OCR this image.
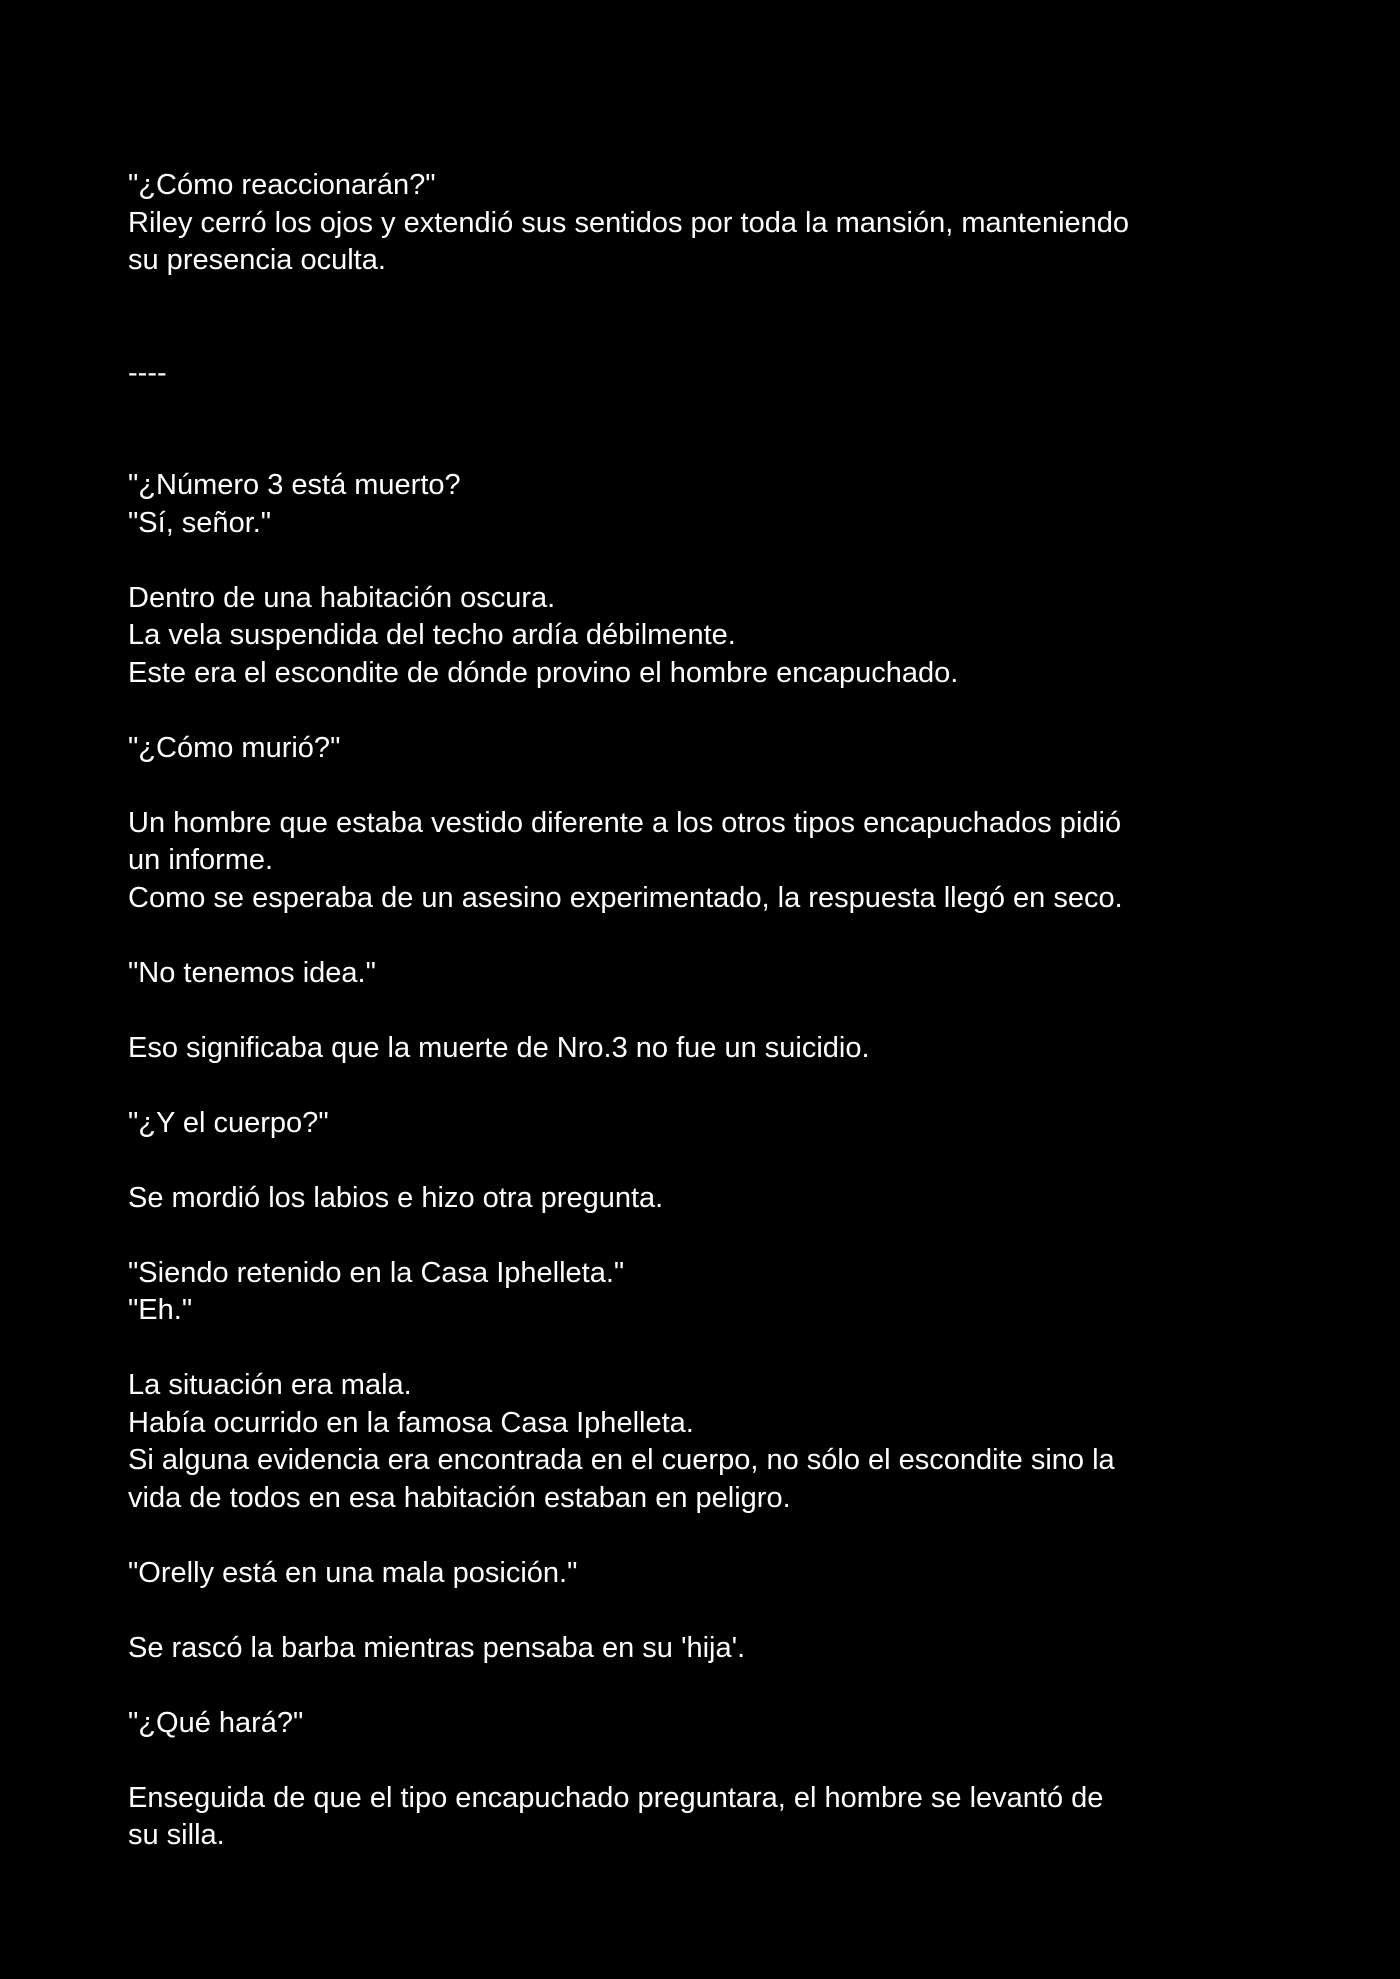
"¿Cómo reaccionarán?"
Riley cerró los ojos y extendió sus sentidos por toda la mansión, manteniendo
su presencia oculta.

----

"¿Número 3 está muerto?
"Sí, señor."

Dentro de una habitación oscura.
La vela suspendida del techo ardía débilmente.
Este era el escondite de dónde provino el hombre encapuchado.

"¿Cómo murió?"

Un hombre que estaba vestido diferente a los otros tipos encapuchados pidió
un informe.
Como se esperaba de un asesino experimentado, la respuesta llegó en seco.

"No tenemos idea."

Eso significaba que la muerte de Nro.3 no fue un suicidio.

"¿Y el cuerpo?"

Se mordió los labios e hizo otra pregunta.

"Siendo retenido en la Casa Iphelleta."
"Eh."

La situación era mala.
Había ocurrido en la famosa Casa Iphelleta.
Si alguna evidencia era encontrada en el cuerpo, no sólo el escondite sino la
vida de todos en esa habitación estaban en peligro.

"Orelly está en una mala posición."

Se rascó la barba mientras pensaba en su 'hija'.

"¿Qué hará?"

Enseguida de que el tipo encapuchado preguntara, el hombre se levantó de
su silla.
